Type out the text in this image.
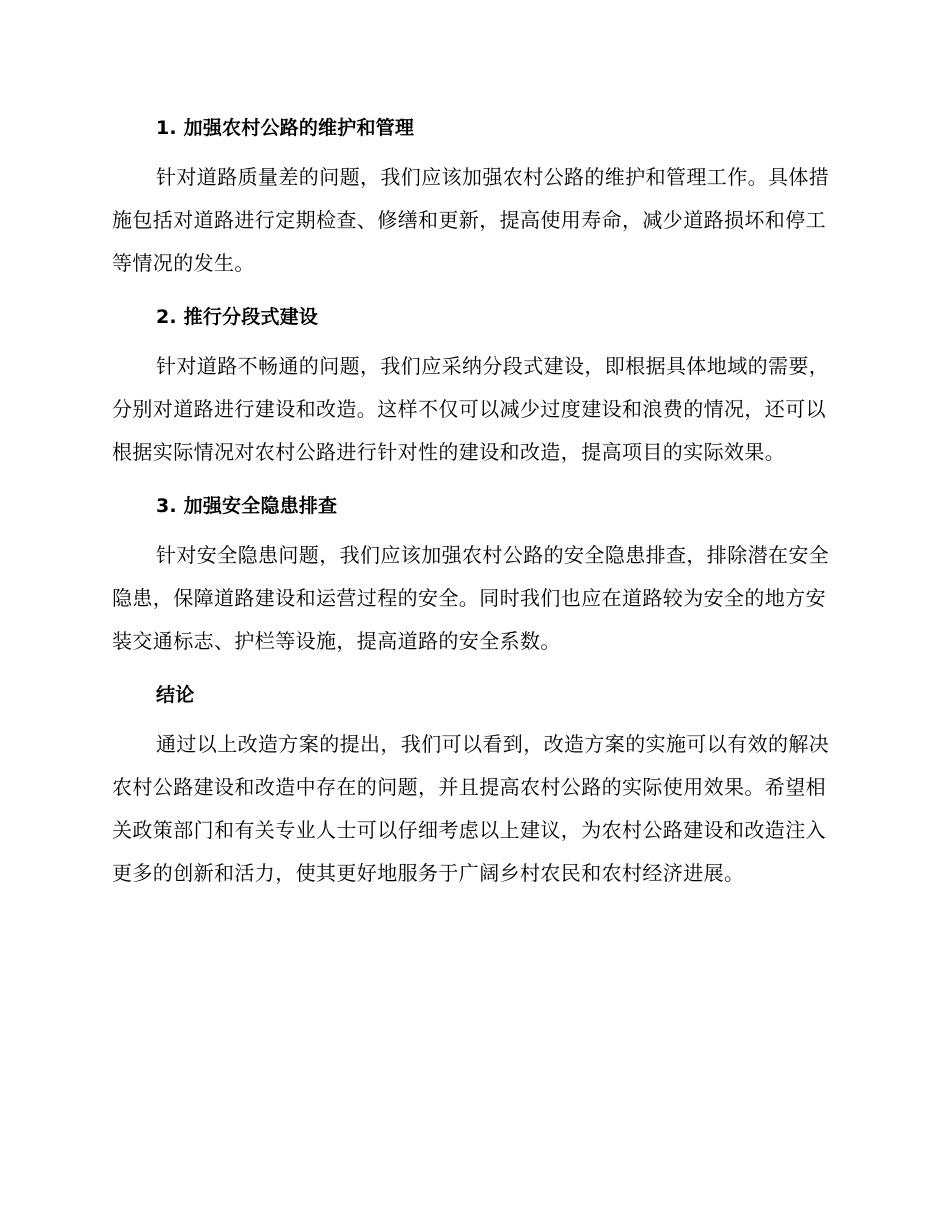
1. 加强农村公路的维护和管理

针对道路质量差的问题，我们应该加强农村公路的维护和管理工作。具体措施包括对道路进行定期检查、修缮和更新，提高使用寿命，减少道路损坏和停工等情况的发生。

2. 推行分段式建设

针对道路不畅通的问题，我们应采纳分段式建设，即根据具体地域的需要，分别对道路进行建设和改造。这样不仅可以减少过度建设和浪费的情况，还可以根据实际情况对农村公路进行针对性的建设和改造，提高项目的实际效果。

3. 加强安全隐患排查

针对安全隐患问题，我们应该加强农村公路的安全隐患排查，排除潜在安全隐患，保障道路建设和运营过程的安全。同时我们也应在道路较为安全的地方安装交通标志、护栏等设施，提高道路的安全系数。

结论

通过以上改造方案的提出，我们可以看到，改造方案的实施可以有效的解决农村公路建设和改造中存在的问题，并且提高农村公路的实际使用效果。希望相关政策部门和有关专业人士可以仔细考虑以上建议，为农村公路建设和改造注入更多的创新和活力，使其更好地服务于广阔乡村农民和农村经济进展。
